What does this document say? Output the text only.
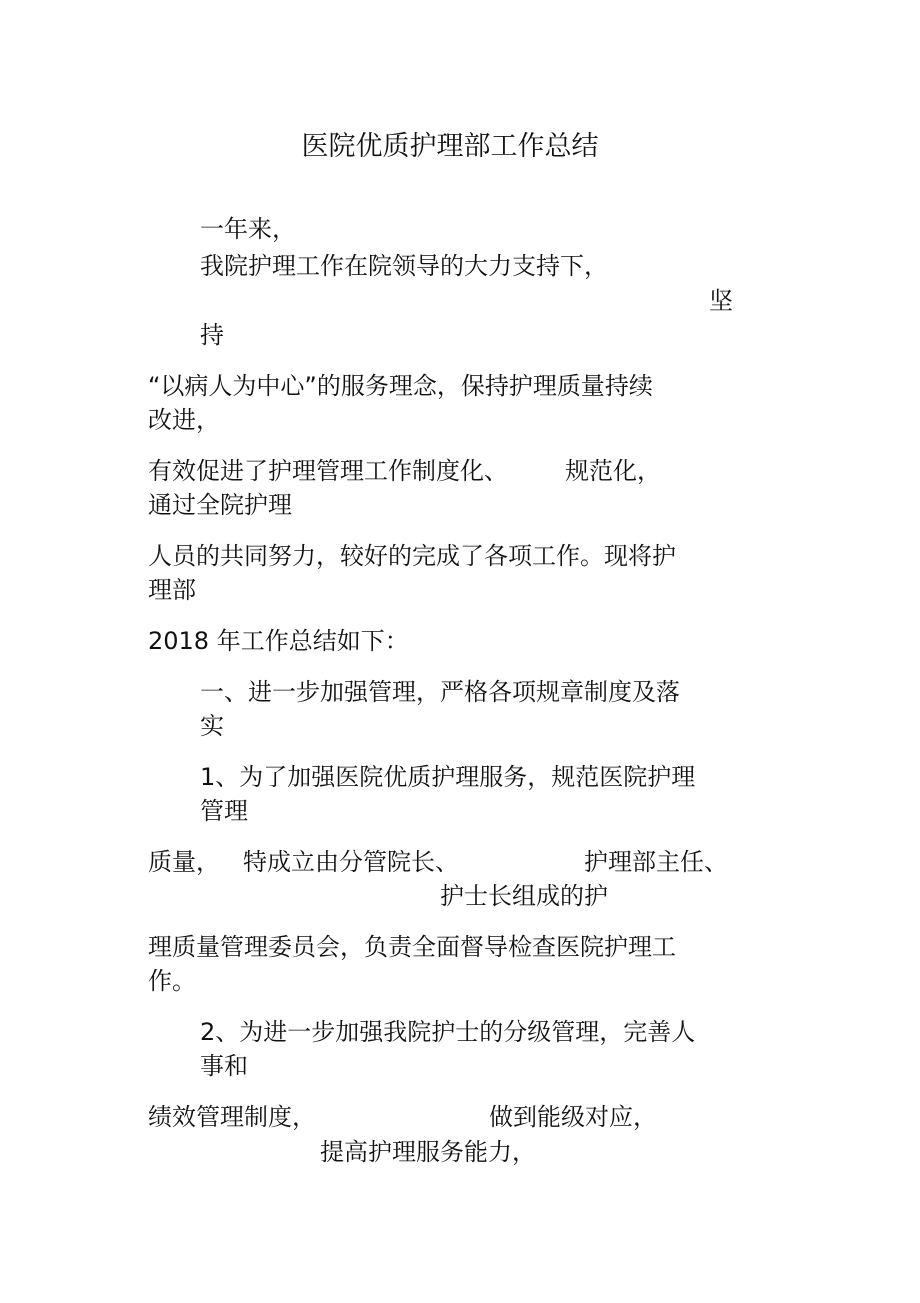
医院优质护理部工作总结
一年来，
我院护理工作在院领导的大力支持下，
坚
持
“以病人为中心”的服务理念，保持护理质量持续
改进，
有效促进了护理管理工作制度化、 规范化，
通过全院护理
人员的共同努力，较好的完成了各项工作。现将护
理部
2018 年工作总结如下：
一、进一步加强管理，严格各项规章制度及落
实
1、为了加强医院优质护理服务，规范医院护理
管理
质量， 特成立由分管院长、	护理部主任、
护士长组成的护
理质量管理委员会，负责全面督导检查医院护理工
作。
2、为进一步加强我院护士的分级管理，完善人
事和
绩效管理制度，	做到能级对应，
提高护理服务能力，
